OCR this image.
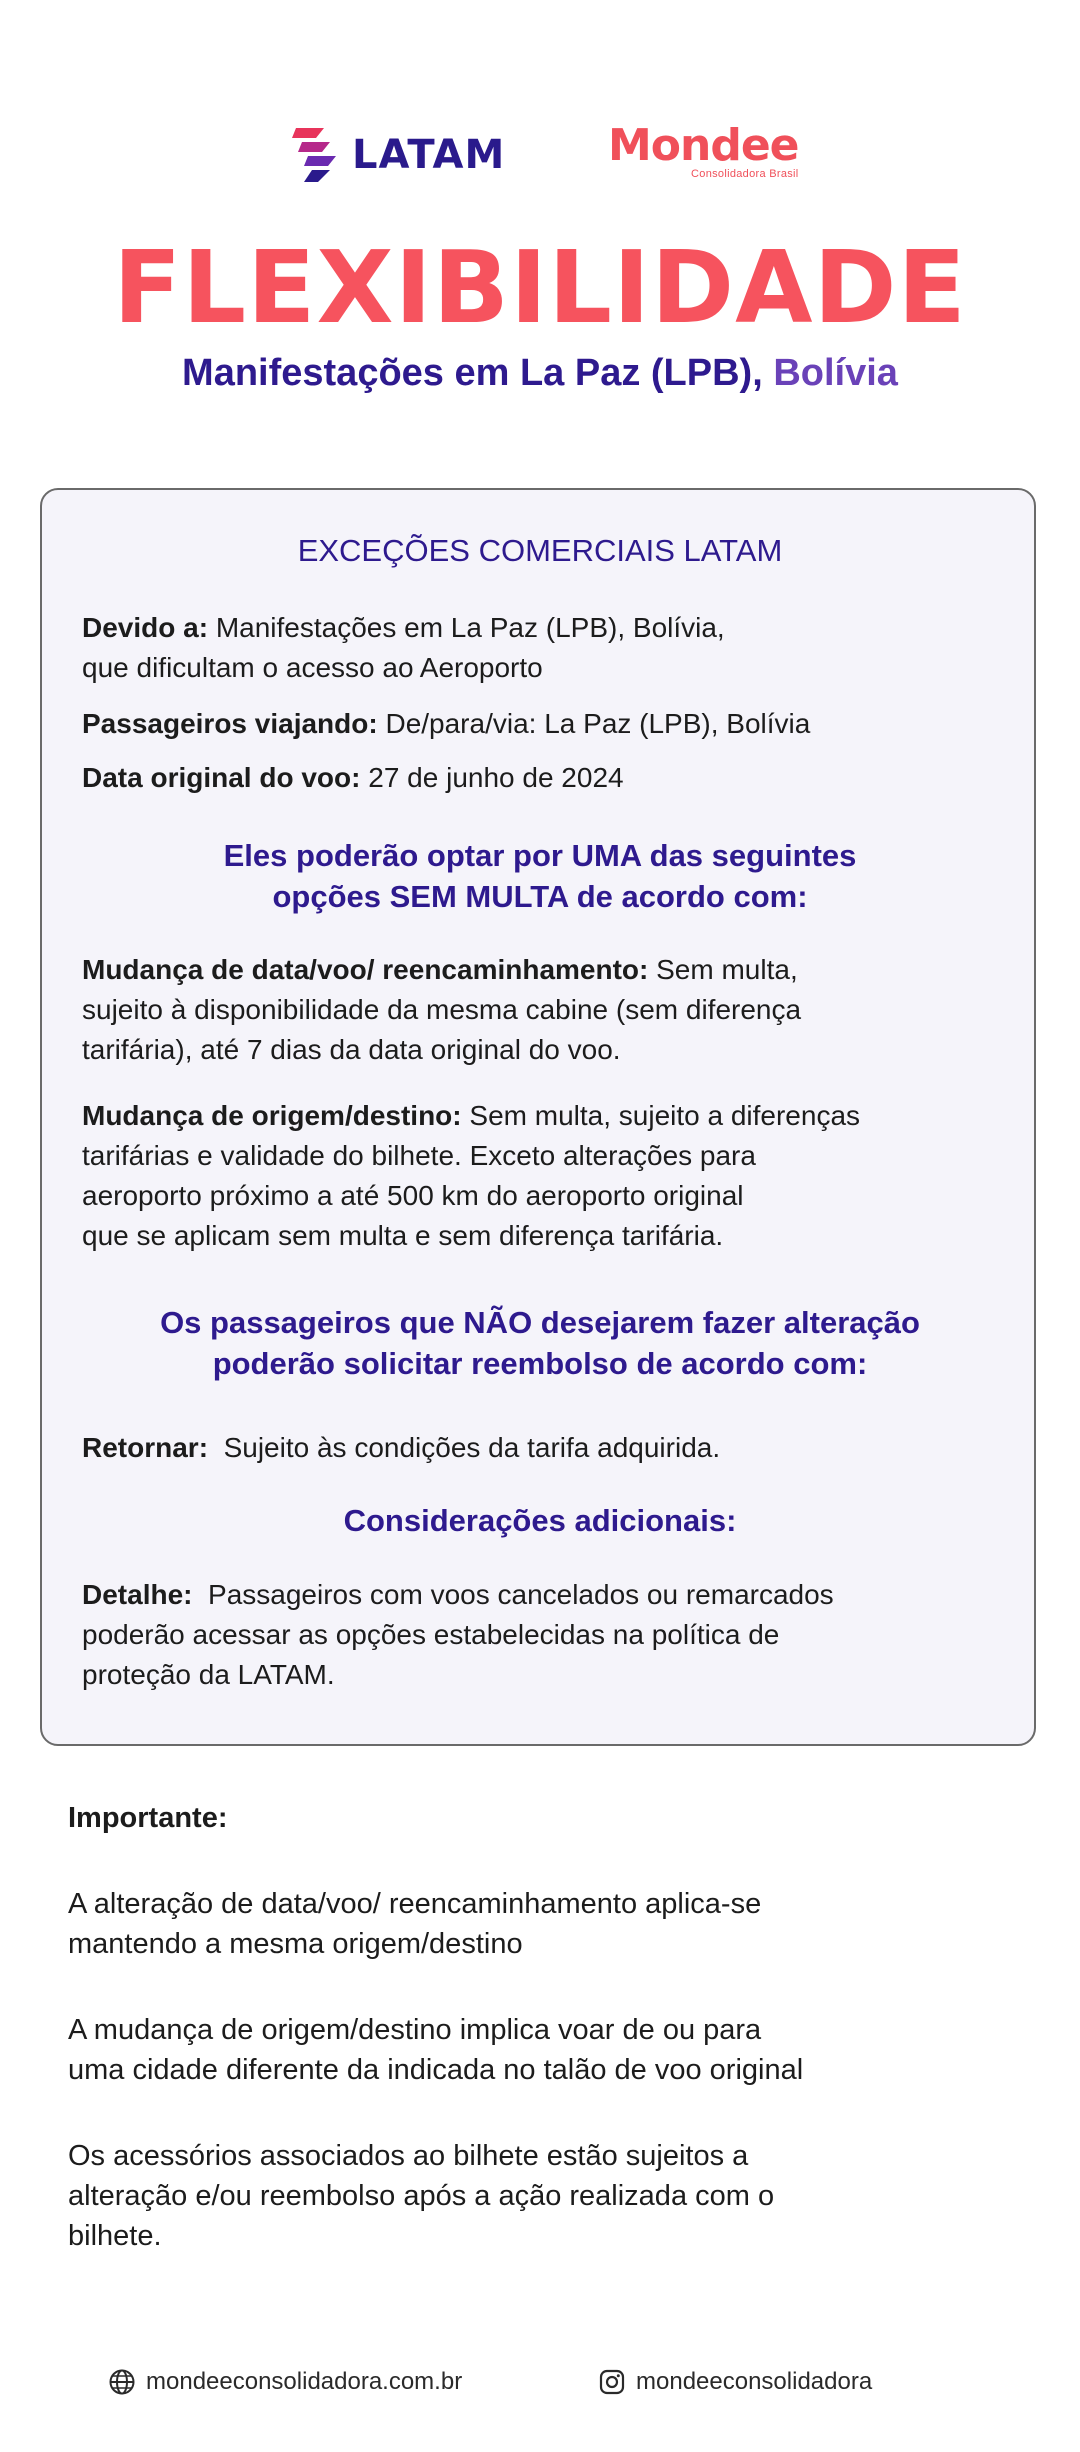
LATAM Mondee
Consolidadora Brasil
FLEXIBILIDADE
Manifestações em La Paz (LPB), Bolívia
EXCEÇÕES COMERCIAIS LATAM
Devido a: Manifestações em La Paz (LPB), Bolívia,
que dificultam o acesso ao Aeroporto
Passageiros viajando: De/para/via: La Paz (LPB), Bolívia
Data original do voo: 27 de junho de 2024
Eles poderão optar por UMA das seguintes
opções SEM MULTA de acordo com:
Mudança de data/voo/ reencaminhamento: Sem multa,
sujeito à disponibilidade da mesma cabine (sem diferença
tarifária), até 7 dias da data original do voo.
Mudança de origem/destino: Sem multa, sujeito a diferenças
tarifárias e validade do bilhete. Exceto alterações para
aeroporto próximo a até 500 km do aeroporto original
que se aplicam sem multa e sem diferença tarifária.
Os passageiros que NÃO desejarem fazer alteração
poderão solicitar reembolso de acordo com:
Retornar: Sujeito às condições da tarifa adquirida.
Considerações adicionais:
Detalhe: Passageiros com voos cancelados ou remarcados
poderão acessar as opções estabelecidas na política de
proteção da LATAM.
Importante:
A alteração de data/voo/ reencaminhamento aplica-se
mantendo a mesma origem/destino
A mudança de origem/destino implica voar de ou para
uma cidade diferente da indicada no talão de voo original
Os acessórios associados ao bilhete estão sujeitos a
alteração e/ou reembolso após a ação realizada com o
bilhete.
mondeeconsolidadora.com.br	mondeeconsolidadora
